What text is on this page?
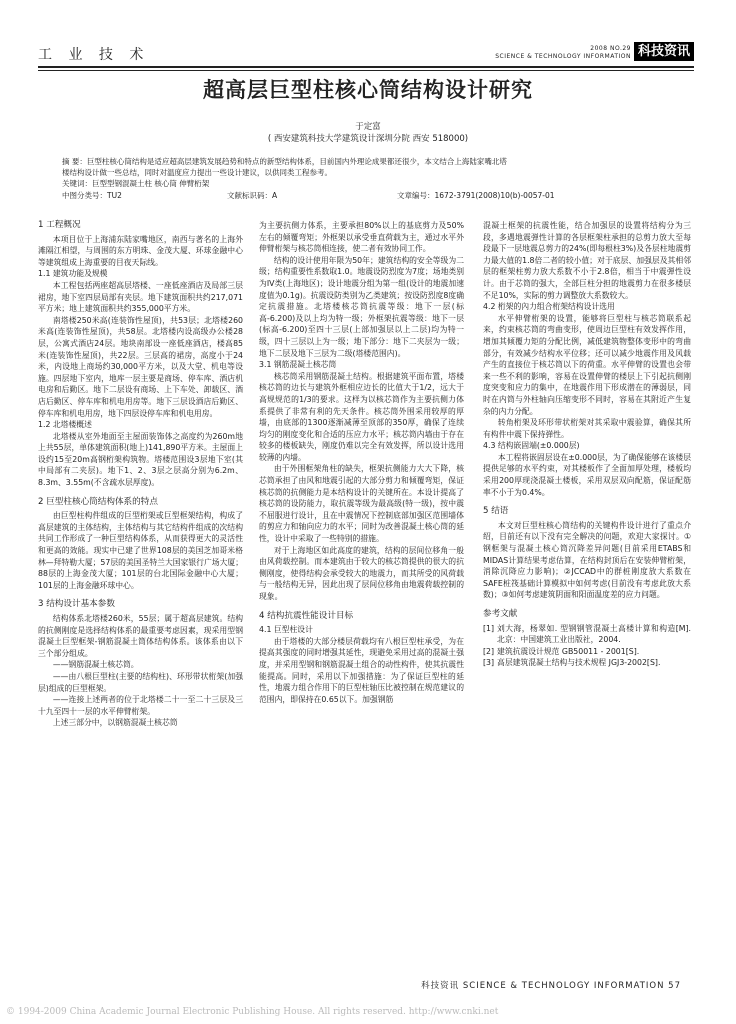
工 业 技 术	2008 NO.29
SCIENCE & TECHNOLOGY INFORMATION 科技资讯
超高层巨型柱核心筒结构设计研究
于定富
( 西安建筑科技大学建筑设计深圳分院 西安 518000)
摘 要：巨型柱核心筒结构是适应超高层建筑发展趋势和特点的新型结构体系，目前国内外理论成果都还很少，本文结合上海陆家嘴北塔
楼结构设计做一些总结，同时对温度应力提出一些设计建议，以供同类工程参考。
关键词：巨型型钢混凝土柱 核心筒 伸臂桁架
中图分类号：TU2	文献标识码：A	文章编号：1672-3791(2008)10(b)-0057-01
1 工程概况

本项目位于上海浦东陆家嘴地区，南西与著名的上海外滩隔江相望，与周围的东方明珠、金茂大厦、环球金融中心等建筑组成上海重要的目夜天际线。

1.1 建筑功能及规模

本工程包括两座超高层塔楼、一座低座酒店及局部三层裙房，地下室四层局部有夹层。地下建筑面积共约217,071平方米；地上建筑面积共约355,000平方米。

南塔楼250米高(连装饰性屋顶)，共53层；北塔楼260米高(连装饰性屋顶)，共58层。北塔楼内设高级办公楼28层，公寓式酒店24层。地块南部设一座低座酒店，楼高85米(连装饰性屋顶)，共22层。三层高的裙房，高度小于24米，内设地上商场约30,000平方米，以及大堂、机电等设施。四层地下室内，地库一层主要是商场、停车库、酒店机电房和后勤区。地下二层设有商场、上下车处、卸载区、酒店后勤区、停车库和机电用房等。地下三层设酒店后勤区、停车库和机电用房，地下四层设停车库和机电用房。

1.2 北塔楼概述

北塔楼从室外地面至主屋面装饰体之高度约为260m地上共55层，单体建筑面积(地上)141,890平方米。主屋面上设约15至20m高钢桁架构筑物。塔楼范围设3层地下室(其中局部有二夹层)。地下1、2、3层之层高分别为6.2m、8.3m、3.55m(不含疏水层厚度)。

2 巨型柱核心筒结构体系的特点

由巨型柱构件组成的巨型桁架或巨型框架结构，构成了高层建筑的主体结构，主体结构与其它结构件组成的次结构共同工作形成了一种巨型结构体系，从而获得更大的灵活性和更高的效能。现实中已建了世界108层的美国芝加哥米格林—拜特勒大厦；57层的美国圣特兰大国家银行广场大厦；88层的上海金茂大厦；101层的台北国际金融中心大厦；101层的上海金融环球中心。

3 结构设计基本参数

结构体系北塔楼260米，55层；属于超高层建筑。结构的抗侧刚度是选择结构体系的最重要考虑因素，现采用型钢混凝土巨型框架-钢筋混凝土筒体结构体系。该体系由以下三个部分组成。

——钢筋混凝土核芯筒。

——由八根巨型柱(主要的结构柱)、环形带状桁架(加强层)组成的巨型框架。

——连接上述两者的位于北塔楼二十一至二十三层及三十九至四十一层的水平伸臂桁架。

上述三部分中，以钢筋混凝土核芯筒

为主要抗侧力体系，主要承担80%以上的基底剪力及50%左右的倾覆弯矩；外框架以承受垂直荷载为主，通过水平外伸臂桁架与核芯筒相连接，使二者有效协同工作。

结构的设计使用年限为50年；建筑结构的安全等级为二级；结构重要性系数取1.0。地震设防烈度为7度；场地类别为IV类(上海地区)；设计地震分组为第一组(设计的地震加速度值为0.1g)。抗震设防类别为乙类建筑；按设防烈度8度确定抗震措施。北塔楼核芯筒抗震等级：地下一层(标高-6.200)及以上均为特一级；外框架抗震等级：地下一层(标高-6.200)至四十三层(上部加强层以上二层)均为特一级，四十三层以上为一级；地下部分：地下二夹层为一级；地下二层及地下三层为二级(塔楼范围内)。

3.1 钢筋混凝土核芯筒

核芯筒采用钢筋混凝土结构。根据建筑平面布置，塔楼核芯筒的边长与建筑外框相应边长的比值大于1/2，远大于高规规范的1/3的要求。这样为以核芯筒作为主要抗侧力体系提供了非常有利的先天条件。核芯筒外围采用较厚的厚墙，由底部的1300逐渐减薄至顶部的350厚，确保了连续均匀的刚度变化和合适的压应力水平；核芯筒内墙由于存在较多的楼板缺失，刚度仍难以完全有效发挥，所以设计选用较薄的内墙。

由于外围框架角柱的缺失，框架抗侧能力大大下降，核芯筒承担了由风和地震引起的大部分剪力和倾覆弯矩，保证核芯筒的抗侧能力是本结构设计的关键所在。本设计提高了核芯筒的设防能力，取抗震等级为最高级(特一级)，按中震不屈服进行设计，且在中震情况下控制底部加强区范围墙体的剪应力和轴向应力的水平；同时为改善混凝土核心筒的延性，设计中采取了一些特别的措施。

对于上海地区如此高度的建筑，结构的层间位移角一般由风荷载控制。而本建筑由于较大的核芯筒提供的很大的抗侧刚度，使得结构会承受较大的地震力，而其所受的风荷载与一般结构无异，因此出现了层间位移角由地震荷载控制的现象。

4 结构抗震性能设计目标
4.1 巨型柱设计

由于塔楼的大部分楼层荷载均有八根巨型柱承受，为在提高其强度的同时增强其延性，现避免采用过高的混凝土强度，并采用型钢和钢筋混凝土组合的动性构件，使其抗震性能提高。同时，采用以下加强措施：为了保证巨型柱的延性，地震力组合作用下的巨型柱轴压比被控制在规范建议的范围内，即保持在0.65以下。加强钢筋

混凝土框架的抗震性能，结合加强层的设置将结构分为三段，多遇地震弹性计算的各层框架柱承担的总剪力放大至每段最下一层地震总剪力的24%(即每根柱3%)及各层柱地震剪力最大值的1.8倍二者的较小值；对于底层、加强层及其相邻层的框架柱剪力放大系数不小于2.8倍，相当于中震弹性设计。由于芯筒的强大，全部巨柱分担的地震剪力在很多楼层不足10%，实际的剪力调整放大系数较大。

4.2 桁架的內力组合桁架结构设计选用

水平伸臂桁架的设置，能够将巨型柱与核芯筒联系起来，约束核芯筒的弯曲变形，使周边巨型柱有效发挥作用，增加其倾覆力矩的分配比例，减低建筑物整体变形中的弯曲部分，有效减少结构水平位移；还可以减少地震作用及风载产生的直接位于核芯筒以下的荷重。水平伸臂的设置也会带来一些不利的影响，容易在设置伸臂的楼层上下引起抗侧刚度突变和应力的集中，在地震作用下形成潜在的薄弱层，同时在内筒与外柱轴向压缩变形不同时，容易在其附近产生复杂的内力分配。

转角桁架及环形带状桁架对其采取中震验算，确保其所有构件中震下保持弹性。

4.3 结构嵌固端(±0.000层)

本工程将嵌固层设在±0.000层，为了确保能够在该楼层提供足够的水平约束，对其楼板作了全面加厚处理，楼板均采用200厚现浇混凝土楼板，采用双层双向配筋，保证配筋率不小于为0.4%。

5 结语

本文对巨型柱核心筒结构的关键构件设计进行了重点介绍，目前还有以下没有完全解决的问题，欢迎大家探讨。①钢框架与混凝土核心筒沉降差异问题(目前采用ETABS和MIDAS计算结果考虑估算，在结构封顶后在安装伸臂桁架，消除沉降应力影响)；②JCCAD中的群桩刚度放大系数在SAFE桩筏基础计算模拟中如何考虑(目前没有考虑此放大系数)；③如何考虑建筑阴面和阳面温度差的应力问题。

参考文献
[1] 刘大海，杨翠如. 型钢钢管混凝土高楼计算和构造[M]. 北京：中国建筑工业出版社，2004.
[2] 建筑抗震设计规范 GB50011 - 2001[S].
[3] 高层建筑混凝土结构与技术规程 JGJ3-2002[S].
科技资讯 SCIENCE & TECHNOLOGY INFORMATION 57
© 1994-2009 China Academic Journal Electronic Publishing House. All rights reserved. http://www.cnki.net
